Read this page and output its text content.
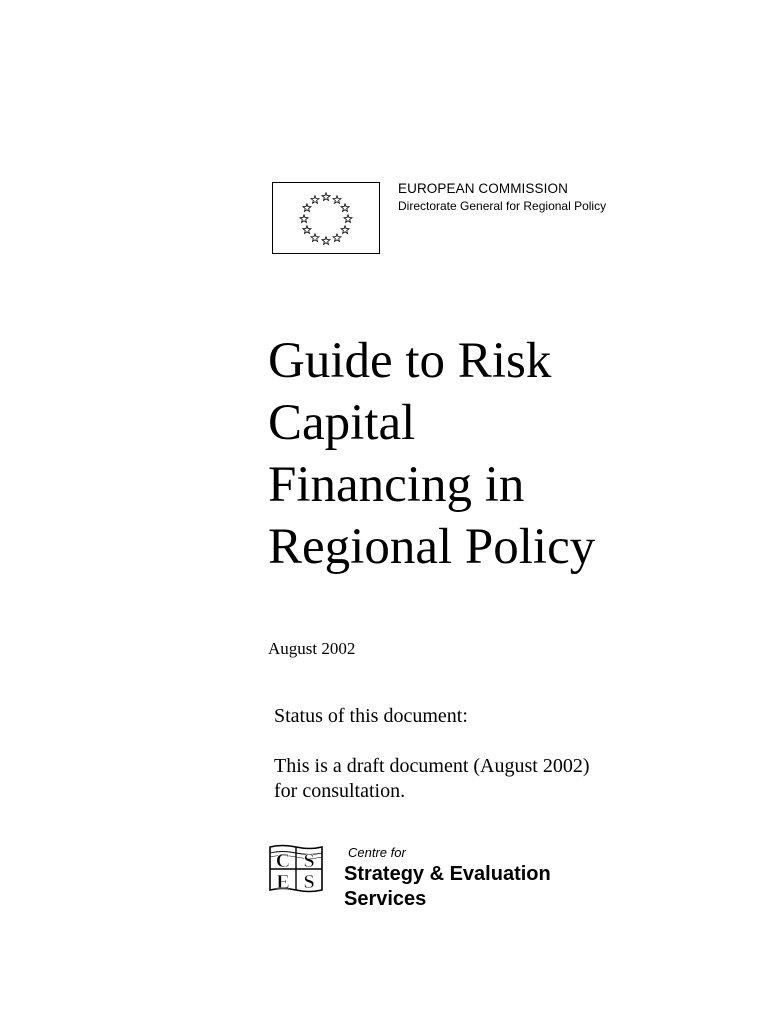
EUROPEAN COMMISSION
Directorate General for Regional Policy
Guide to Risk
Capital
Financing in
Regional Policy
August 2002
Status of this document:
This is a draft document (August 2002)
for consultation.
C S
E S
Centre for
Strategy & Evaluation
Services
